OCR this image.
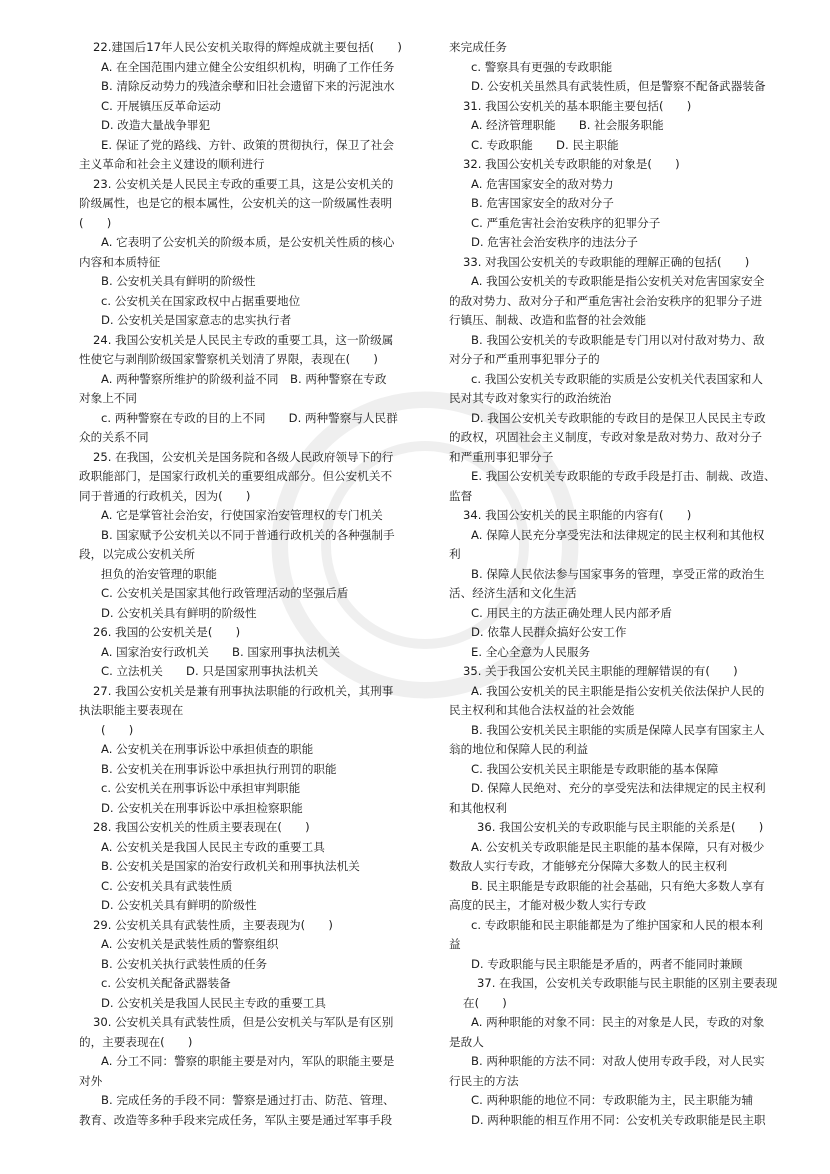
22.建国后17年人民公安机关取得的辉煌成就主要包括(　　)
A. 在全国范围内建立健全公安组织机构，明确了工作任务
B. 清除反动势力的残渣余孽和旧社会遗留下来的污泥浊水
C. 开展镇压反革命运动
D. 改造大量战争罪犯
E. 保证了党的路线、方针、政策的贯彻执行，保卫了社会
主义革命和社会主义建设的顺利进行
23. 公安机关是人民民主专政的重要工具，这是公安机关的
阶级属性，也是它的根本属性，公安机关的这一阶级属性表明
(　　)
A. 它表明了公安机关的阶级本质，是公安机关性质的核心
内容和本质特征
B. 公安机关具有鲜明的阶级性
c. 公安机关在国家政权中占据重要地位
D. 公安机关是国家意志的忠实执行者
24. 我国公安机关是人民民主专政的重要工具，这一阶级属
性使它与剥削阶级国家警察机关划清了界限，表现在(　　)
A. 两种警察所维护的阶级利益不同　B. 两种警察在专政
对象上不同
c. 两种警察在专政的目的上不同　　D. 两种警察与人民群
众的关系不同
25. 在我国，公安机关是国务院和各级人民政府领导下的行
政职能部门，是国家行政机关的重要组成部分。但公安机关不
同于普通的行政机关，因为(　　)
A. 它是掌管社会治安，行使国家治安管理权的专门机关
B. 国家赋予公安机关以不同于普通行政机关的各种强制手
段，以完成公安机关所
担负的治安管理的职能
C. 公安机关是国家其他行政管理活动的坚强后盾
D. 公安机关具有鲜明的阶级性
26. 我国的公安机关是(　　)
A. 国家治安行政机关　　B. 国家刑事执法机关
C. 立法机关　　D. 只是国家刑事执法机关
27. 我国公安机关是兼有刑事执法职能的行政机关，其刑事
执法职能主要表现在
(　　)
A. 公安机关在刑事诉讼中承担侦查的职能
B. 公安机关在刑事诉讼中承担执行刑罚的职能
c. 公安机关在刑事诉讼中承担审判职能
D. 公安机关在刑事诉讼中承担检察职能
28. 我国公安机关的性质主要表现在(　　)
A. 公安机关是我国人民民主专政的重要工具
B. 公安机关是国家的治安行政机关和刑事执法机关
C. 公安机关具有武装性质
D. 公安机关具有鲜明的阶级性
29. 公安机关具有武装性质，主要表现为(　　)
A. 公安机关是武装性质的警察组织
B. 公安机关执行武装性质的任务
c. 公安机关配备武器装备
D. 公安机关是我国人民民主专政的重要工具
30. 公安机关具有武装性质，但是公安机关与军队是有区别
的，主要表现在(　　)
A. 分工不同：警察的职能主要是对内，军队的职能主要是
对外
B. 完成任务的手段不同：警察是通过打击、防范、管理、
教育、改造等多种手段来完成任务，军队主要是通过军事手段
来完成任务
c. 警察具有更强的专政职能
D. 公安机关虽然具有武装性质，但是警察不配备武器装备
31. 我国公安机关的基本职能主要包括(　　)
A. 经济管理职能　　B. 社会服务职能
C. 专政职能　　D. 民主职能
32. 我国公安机关专政职能的对象是(　　)
A. 危害国家安全的敌对势力
B. 危害国家安全的敌对分子
C. 严重危害社会治安秩序的犯罪分子
D. 危害社会治安秩序的违法分子
33. 对我国公安机关的专政职能的理解正确的包括(　　)
A. 我国公安机关的专政职能是指公安机关对危害国家安全
的敌对势力、敌对分子和严重危害社会治安秩序的犯罪分子进
行镇压、制裁、改造和监督的社会效能
B. 我国公安机关的专政职能是专门用以对付敌对势力、敌
对分子和严重刑事犯罪分子的
c. 我国公安机关专政职能的实质是公安机关代表国家和人
民对其专政对象实行的政治统治
D. 我国公安机关专政职能的专政目的是保卫人民民主专政
的政权，巩固社会主义制度，专政对象是敌对势力、敌对分子
和严重刑事犯罪分子
E. 我国公安机关专政职能的专政手段是打击、制裁、改造、
监督
34. 我国公安机关的民主职能的内容有(　　)
A. 保障人民充分享受宪法和法律规定的民主权利和其他权
利
B. 保障人民依法参与国家事务的管理，享受正常的政治生
活、经济生活和文化生活
C. 用民主的方法正确处理人民内部矛盾
D. 依靠人民群众搞好公安工作
E. 全心全意为人民服务
35. 关于我国公安机关民主职能的理解错误的有(　　)
A. 我国公安机关的民主职能是指公安机关依法保护人民的
民主权利和其他合法权益的社会效能
B. 我国公安机关民主职能的实质是保障人民享有国家主人
翁的地位和保障人民的利益
C. 我国公安机关民主职能是专政职能的基本保障
D. 保障人民绝对、充分的享受宪法和法律规定的民主权利
和其他权利
36. 我国公安机关的专政职能与民主职能的关系是(　　)
A. 公安机关专政职能是民主职能的基本保障，只有对极少
数敌人实行专政，才能够充分保障大多数人的民主权利
B. 民主职能是专政职能的社会基础，只有绝大多数人享有
高度的民主，才能对极少数人实行专政
c. 专政职能和民主职能都是为了维护国家和人民的根本利
益
D. 专政职能与民主职能是矛盾的，两者不能同时兼顾
37. 在我国，公安机关专政职能与民主职能的区别主要表现
在(　　)
A. 两种职能的对象不同：民主的对象是人民，专政的对象
是敌人
B. 两种职能的方法不同：对敌人使用专政手段，对人民实
行民主的方法
C. 两种职能的地位不同：专政职能为主，民主职能为辅
D. 两种职能的相互作用不同：公安机关专政职能是民主职
